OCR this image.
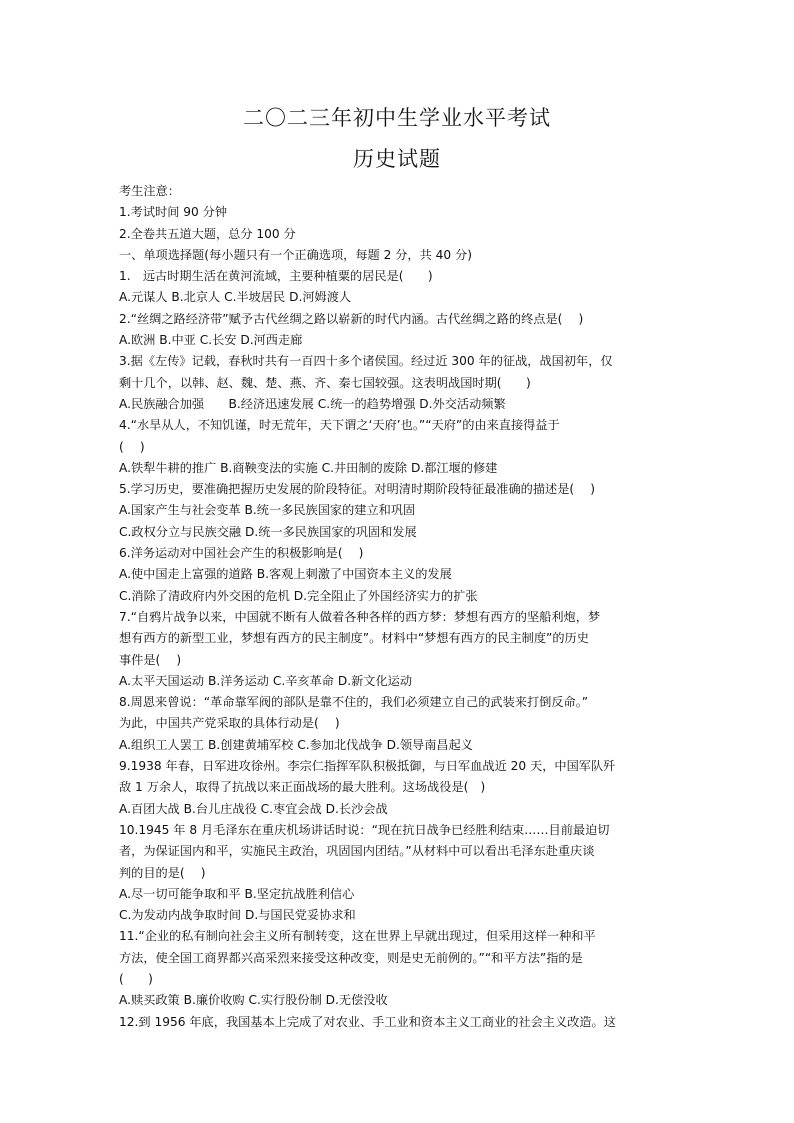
二〇二三年初中生学业水平考试
历史试题
考生注意：
1.考试时间 90 分钟
2.全卷共五道大题，总分 100 分
一、单项选择题(每小题只有一个正确选项，每题 2 分，共 40 分)
1.　远古时期生活在黄河流域，主要种植粟的居民是(　　)
A.元谋人 B.北京人 C.半坡居民 D.河姆渡人
2.“丝绸之路经济带”赋予古代丝绸之路以崭新的时代内涵。古代丝绸之路的终点是(　 )
A.欧洲 B.中亚 C.长安 D.河西走廊
3.据《左传》记载，春秋时共有一百四十多个诸侯国。经过近 300 年的征战，战国初年，仅
剩十几个，以韩、赵、魏、楚、燕、齐、秦七国较强。这表明战国时期(　　)
A.民族融合加强　　B.经济迅速发展 C.统一的趋势增强 D.外交活动频繁
4.“水旱从人，不知饥谨，时无荒年，天下谓之‘天府’也。”“天府”的由来直接得益于
(　 )
A.铁犁牛耕的推广 B.商鞅变法的实施 C.井田制的废除 D.都江堰的修建
5.学习历史，要准确把握历史发展的阶段特征。对明清时期阶段特征最准确的描述是(　 )
A.国家产生与社会变革 B.统一多民族国家的建立和巩固
C.政权分立与民族交融 D.统一多民族国家的巩固和发展
6.洋务运动对中国社会产生的积极影响是(　 )
A.使中国走上富强的道路 B.客观上刺激了中国资本主义的发展
C.消除了清政府内外交困的危机 D.完全阻止了外国经济实力的扩张
7.“自鸦片战争以来，中国就不断有人做着各种各样的西方梦：梦想有西方的坚船利炮，梦
想有西方的新型工业，梦想有西方的民主制度”。材料中“梦想有西方的民主制度”的历史
事件是(　 )
A.太平天国运动 B.洋务运动 C.辛亥革命 D.新文化运动
8.周恩来曾说：“革命靠军阀的部队是靠不住的，我们必须建立自己的武装来打倒反命。”
为此，中国共产党采取的具体行动是(　 )
A.组织工人罢工 B.创建黄埔军校 C.参加北伐战争 D.领导南昌起义
9.1938 年春，日军进攻徐州。李宗仁指挥军队积极抵御，与日军血战近 20 天，中国军队歼
敌 1 万余人，取得了抗战以来正面战场的最大胜利。这场战役是(　)
A.百团大战 B.台儿庄战役 C.枣宜会战 D.长沙会战
10.1945 年 8 月毛泽东在重庆机场讲话时说：“现在抗日战争已经胜利结束……目前最迫切
者，为保证国内和平，实施民主政治，巩固国内团结。”从材料中可以看出毛泽东赴重庆谈
判的目的是(　 )
A.尽一切可能争取和平 B.坚定抗战胜利信心
C.为发动内战争取时间 D.与国民党妥协求和
11.“企业的私有制向社会主义所有制转变，这在世界上早就出现过，但采用这样一种和平
方法，使全国工商界都兴高采烈来接受这种改变，则是史无前例的。”“和平方法”指的是
(　　)
A.赎买政策 B.廉价收购 C.实行股份制 D.无偿没收
12.到 1956 年底，我国基本上完成了对农业、手工业和资本主义工商业的社会主义改造。这
